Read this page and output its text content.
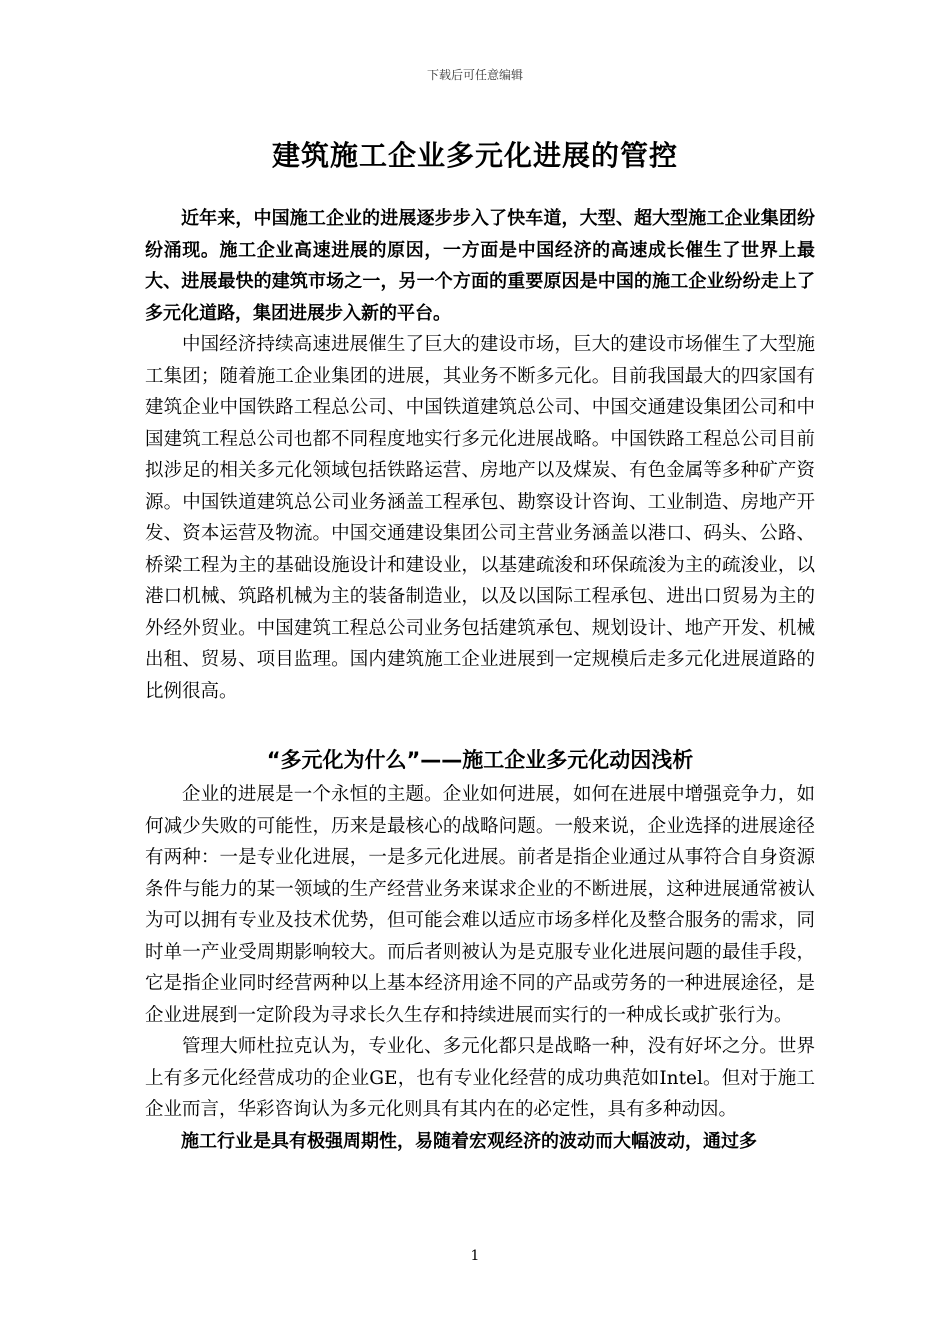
下载后可任意编辑
建筑施工企业多元化进展的管控

近年来，中国施工企业的进展逐步步入了快车道，大型、超大型施工企业集团纷纷涌现。施工企业高速进展的原因，一方面是中国经济的高速成长催生了世界上最大、进展最快的建筑市场之一，另一个方面的重要原因是中国的施工企业纷纷走上了多元化道路，集团进展步入新的平台。

中国经济持续高速进展催生了巨大的建设市场，巨大的建设市场催生了大型施工集团；随着施工企业集团的进展，其业务不断多元化。目前我国最大的四家国有建筑企业中国铁路工程总公司、中国铁道建筑总公司、中国交通建设集团公司和中国建筑工程总公司也都不同程度地实行多元化进展战略。中国铁路工程总公司目前拟涉足的相关多元化领域包括铁路运营、房地产以及煤炭、有色金属等多种矿产资源。中国铁道建筑总公司业务涵盖工程承包、勘察设计咨询、工业制造、房地产开发、资本运营及物流。中国交通建设集团公司主营业务涵盖以港口、码头、公路、桥梁工程为主的基础设施设计和建设业，以基建疏浚和环保疏浚为主的疏浚业，以港口机械、筑路机械为主的装备制造业，以及以国际工程承包、进出口贸易为主的外经外贸业。中国建筑工程总公司业务包括建筑承包、规划设计、地产开发、机械出租、贸易、项目监理。国内建筑施工企业进展到一定规模后走多元化进展道路的比例很高。

“多元化为什么”——施工企业多元化动因浅析

企业的进展是一个永恒的主题。企业如何进展，如何在进展中增强竞争力，如何减少失败的可能性，历来是最核心的战略问题。一般来说，企业选择的进展途径有两种：一是专业化进展，一是多元化进展。前者是指企业通过从事符合自身资源条件与能力的某一领域的生产经营业务来谋求企业的不断进展，这种进展通常被认为可以拥有专业及技术优势，但可能会难以适应市场多样化及整合服务的需求，同时单一产业受周期影响较大。而后者则被认为是克服专业化进展问题的最佳手段，它是指企业同时经营两种以上基本经济用途不同的产品或劳务的一种进展途径，是企业进展到一定阶段为寻求长久生存和持续进展而实行的一种成长或扩张行为。

管理大师杜拉克认为，专业化、多元化都只是战略一种，没有好坏之分。世界上有多元化经营成功的企业GE，也有专业化经营的成功典范如Intel。但对于施工企业而言，华彩咨询认为多元化则具有其内在的必定性，具有多种动因。

施工行业是具有极强周期性，易随着宏观经济的波动而大幅波动，通过多

1
